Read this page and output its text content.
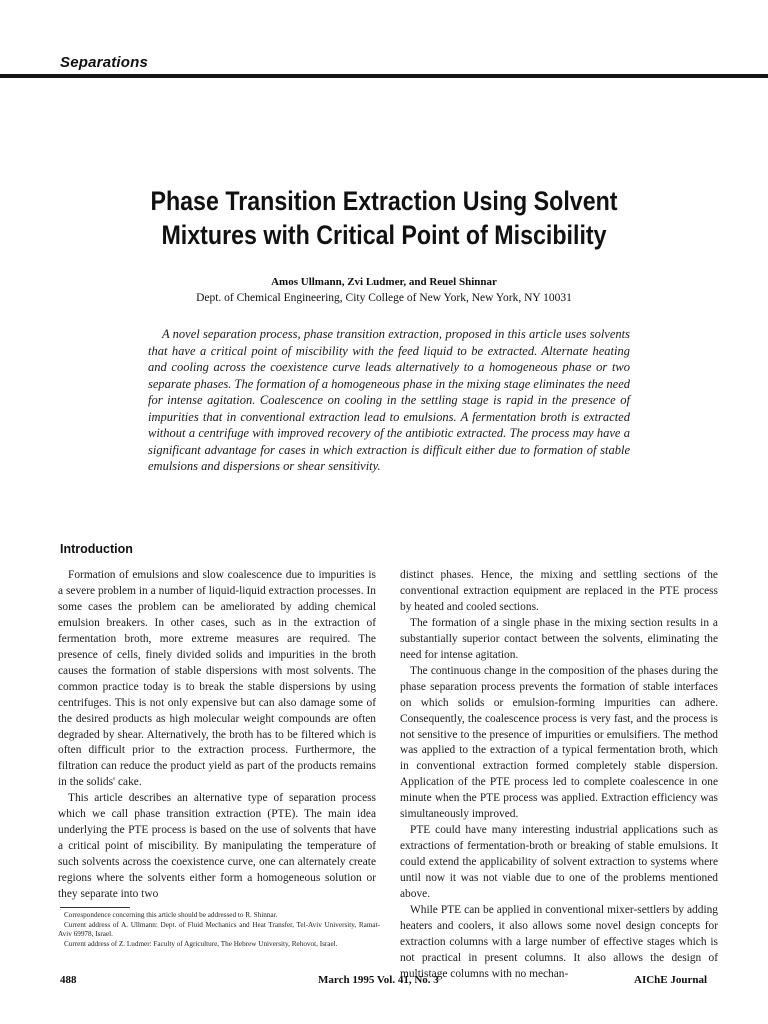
Separations
Phase Transition Extraction Using Solvent
Mixtures with Critical Point of Miscibility
Amos Ullmann, Zvi Ludmer, and Reuel Shinnar
Dept. of Chemical Engineering, City College of New York, New York, NY 10031

A novel separation process, phase transition extraction, proposed in this article uses solvents that have a critical point of miscibility with the feed liquid to be extracted. Alternate heating and cooling across the coexistence curve leads alternatively to a homogeneous phase or two separate phases. The formation of a homogeneous phase in the mixing stage eliminates the need for intense agitation. Coalescence on cooling in the settling stage is rapid in the presence of impurities that in conventional extraction lead to emulsions. A fermentation broth is extracted without a centrifuge with improved recovery of the antibiotic extracted. The process may have a significant advantage for cases in which extraction is difficult either due to formation of stable emulsions and dispersions or shear sensitivity.

Introduction

Formation of emulsions and slow coalescence due to impurities is a severe problem in a number of liquid-liquid extraction processes. In some cases the problem can be ameliorated by adding chemical emulsion breakers. In other cases, such as in the extraction of fermentation broth, more extreme measures are required. The presence of cells, finely divided solids and impurities in the broth causes the formation of stable dispersions with most solvents. The common practice today is to break the stable dispersions by using centrifuges. This is not only expensive but can also damage some of the desired products as high molecular weight compounds are often degraded by shear. Alternatively, the broth has to be filtered which is often difficult prior to the extraction process. Furthermore, the filtration can reduce the product yield as part of the products remains in the solids' cake.

This article describes an alternative type of separation process which we call phase transition extraction (PTE). The main idea underlying the PTE process is based on the use of solvents that have a critical point of miscibility. By manipulating the temperature of such solvents across the coexistence curve, one can alternately create regions where the solvents either form a homogeneous solution or they separate into two

distinct phases. Hence, the mixing and settling sections of the conventional extraction equipment are replaced in the PTE process by heated and cooled sections.

The formation of a single phase in the mixing section results in a substantially superior contact between the solvents, eliminating the need for intense agitation.

The continuous change in the composition of the phases during the phase separation process prevents the formation of stable interfaces on which solids or emulsion-forming impurities can adhere. Consequently, the coalescence process is very fast, and the process is not sensitive to the presence of impurities or emulsifiers. The method was applied to the extraction of a typical fermentation broth, which in conventional extraction formed completely stable dispersion. Application of the PTE process led to complete coalescence in one minute when the PTE process was applied. Extraction efficiency was simultaneously improved.

PTE could have many interesting industrial applications such as extractions of fermentation-broth or breaking of stable emulsions. It could extend the applicability of solvent extraction to systems where until now it was not viable due to one of the problems mentioned above.

While PTE can be applied in conventional mixer-settlers by adding heaters and coolers, it also allows some novel design concepts for extraction columns with a large number of effective stages which is not practical in present columns. It also allows the design of multistage columns with no mechan-

Correspondence concerning this article should be addressed to R. Shinnar.

Current address of A. Ullmann: Dept. of Fluid Mechanics and Heat Transfer, Tel-Aviv University, Ramat-Aviv 69978, Israel.

Current address of Z. Ludmer: Faculty of Agriculture, The Hebrew University, Rehovot, Israel.

488	March 1995 Vol. 41, No. 3	AIChE Journal
